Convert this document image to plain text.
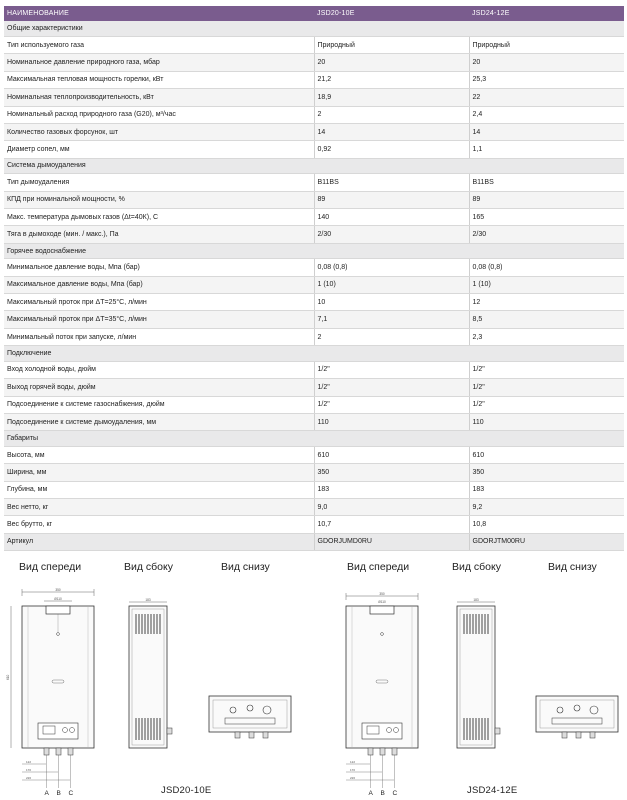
НАИМЕНОВАНИЕ	JSD20-10E	JSD24-12E
Общие характеристики		
Тип используемого газа	Природный	Природный
Номинальное давление природного газа, мбар	20	20
Максимальная тепловая мощность горелки, кВт	21,2	25,3
Номинальная теплопроизводительность, кВт	18,9	22
Номинальный расход природного газа (G20), м³/час	2	2,4
Количество газовых форсунок, шт	14	14
Диаметр сопел, мм	0,92	1,1
Система дымоудаления		
Тип дымоудаления	B11BS	B11BS
КПД при номинальной мощности, %	89	89
Макс. температура дымовых газов (Δt=40К), С	140	165
Тяга в дымоходе (мин. / макс.), Па	2/30	2/30
Горячее водоснабжение		
Минимальное давление воды, Мпа (бар)	0,08 (0,8)	0,08 (0,8)
Максимальное давление воды, Мпа (бар)	1 (10)	1 (10)
Максимальный проток при ΔT=25°С, л/мин	10	12
Максимальный проток при ΔT=35°С, л/мин	7,1	8,5
Минимальный поток при запуске, л/мин	2	2,3
Подключение		
Вход холодной воды, дюйм	1/2"	1/2"
Выход горячей воды, дюйм	1/2"	1/2"
Подсоединение к системе газоснабжения, дюйм	1/2"	1/2"
Подсоединение к системе дымоудаления, мм	110	110
Габариты		
Высота, мм	610	610
Ширина, мм	350	350
Глубина, мм	183	183
Вес нетто, кг	9,0	9,2
Вес брутто, кг	10,7	10,8
Артикул	GDORJUMD0RU	GDORJTM00RU
Вид спереди	Вид сбоку	Вид снизу	Вид спереди	Вид сбоку	Вид снизу
350
Ø110
610
122
170
226
A B C
183
JSD20-10E
350
Ø110
122
170
226
A B C
183
JSD24-12E
